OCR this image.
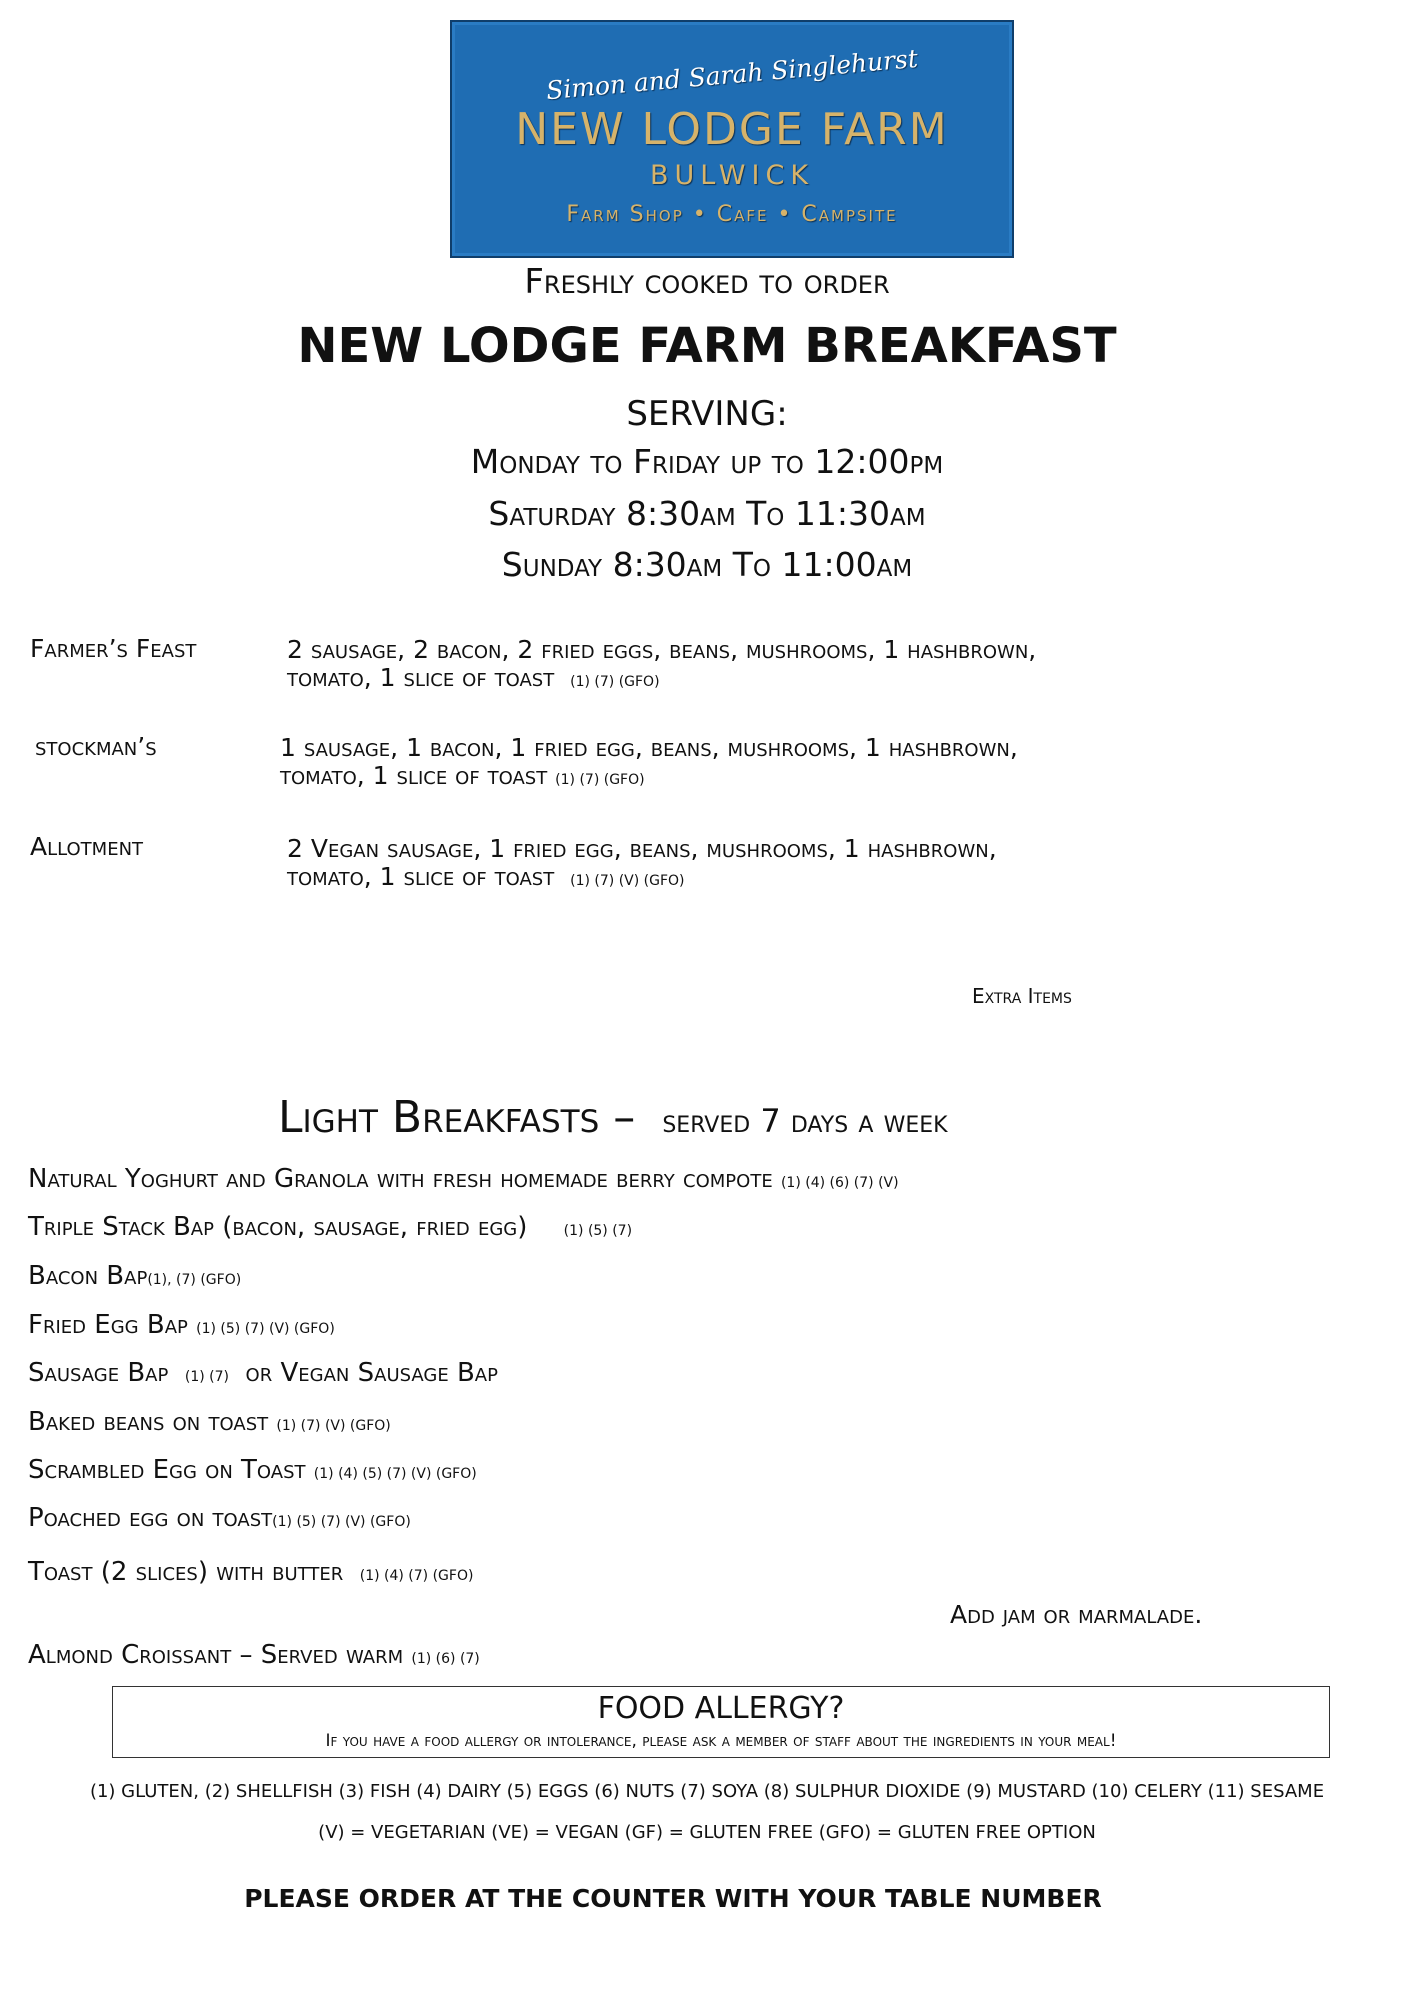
Simon and Sarah Singlehurst
NEW LODGE FARM
BULWICK
Farm Shop • Cafe • Campsite
Freshly cooked to order
NEW LODGE FARM BREAKFAST
SERVING:
Monday to Friday up to 12:00pm
Saturday 8:30am To 11:30am
Sunday 8:30am To 11:00am
Farmer’s Feast	2 sausage, 2 bacon, 2 fried eggs, beans, mushrooms, 1 hashbrown,
tomato, 1 slice of toast (1) (7) (GFO)
stockman’s	1 sausage, 1 bacon, 1 fried egg, beans, mushrooms, 1 hashbrown,
tomato, 1 slice of toast (1) (7) (GFO)
Allotment	2 Vegan sausage, 1 fried egg, beans, mushrooms, 1 hashbrown,
tomato, 1 slice of toast (1) (7) (V) (GFO)
Extra Items
Light Breakfasts – served 7 days a week
Natural Yoghurt and Granola with fresh homemade berry compote (1) (4) (6) (7) (V)
Triple Stack Bap (bacon, sausage, fried egg)	(1) (5) (7)
Bacon Bap(1), (7) (GFO)
Fried Egg Bap (1) (5) (7) (V) (GFO)
Sausage Bap (1) (7) or Vegan Sausage Bap
Baked beans on toast (1) (7) (V) (GFO)
Scrambled Egg on Toast (1) (4) (5) (7) (V) (GFO)
Poached egg on toast(1) (5) (7) (V) (GFO)
Toast (2 slices) with butter (1) (4) (7) (GFO)
Add jam or marmalade.
Almond Croissant – Served warm (1) (6) (7)
FOOD ALLERGY?
If you have a food allergy or intolerance, please ask a member of staff about the ingredients in your meal!
(1) GLUTEN, (2) SHELLFISH (3) FISH (4) DAIRY (5) EGGS (6) NUTS (7) SOYA (8) SULPHUR DIOXIDE (9) MUSTARD (10) CELERY (11) SESAME
(V) = VEGETARIAN (VE) = VEGAN (GF) = GLUTEN FREE (GFO) = GLUTEN FREE OPTION
PLEASE ORDER AT THE COUNTER WITH YOUR TABLE NUMBER
